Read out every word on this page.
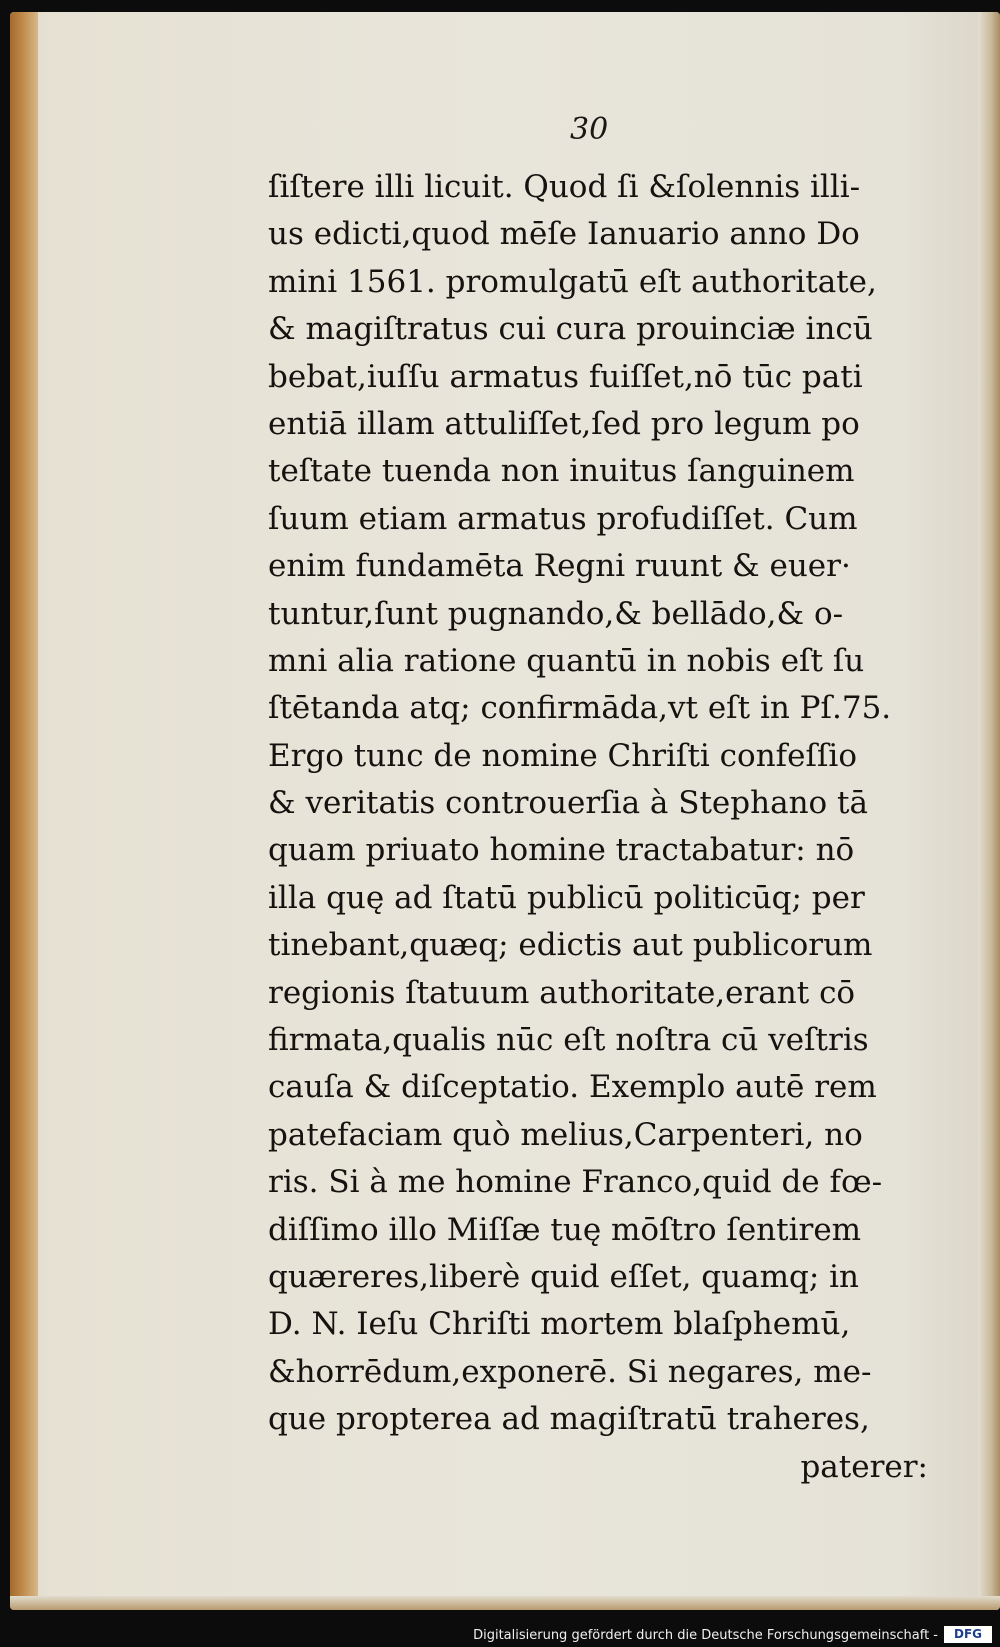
30
ſiſtere illi licuit. Quod ſi &ſolennis illi-
us edicti,quod mēſe Ianuario anno Do
mini 1561. promulgatū eſt authoritate,
& magiſtratus cui cura prouinciæ incū
bebat,iuſſu armatus fuiſſet,nō tūc pati
entiā illam attuliſſet,ſed pro legum po
teſtate tuenda non inuitus ſanguinem
ſuum etiam armatus profudiſſet. Cum
enim fundamēta Regni ruunt & euer·
tuntur,ſunt pugnando,& bellādo,& o-
mni alia ratione quantū in nobis eſt ſu
ſtētanda atq; confirmāda,vt eſt in Pſ.75.
Ergo tunc de nomine Chriſti confeſſio
& veritatis controuerſia à Stephano tā
quam priuato homine tractabatur: nō
illa quę ad ſtatū publicū politicūq; per
tinebant,quæq; edictis aut publicorum
regionis ſtatuum authoritate,erant cō
firmata,qualis nūc eſt noſtra cū veſtris
cauſa & diſceptatio. Exemplo autē rem
patefaciam quò melius,Carpenteri, no
ris. Si à me homine Franco,quid de fœ-
diſſimo illo Miſſæ tuę mōſtro ſentirem
quæreres,liberè quid eſſet, quamq; in
D. N. Ieſu Chriſti mortem blaſphemū,
&horrēdum,exponerē. Si negares, me-
que propterea ad magiſtratū traheres,
paterer:
Digitalisierung gefördert durch die Deutsche Forschungsgemeinschaft -	DFG
